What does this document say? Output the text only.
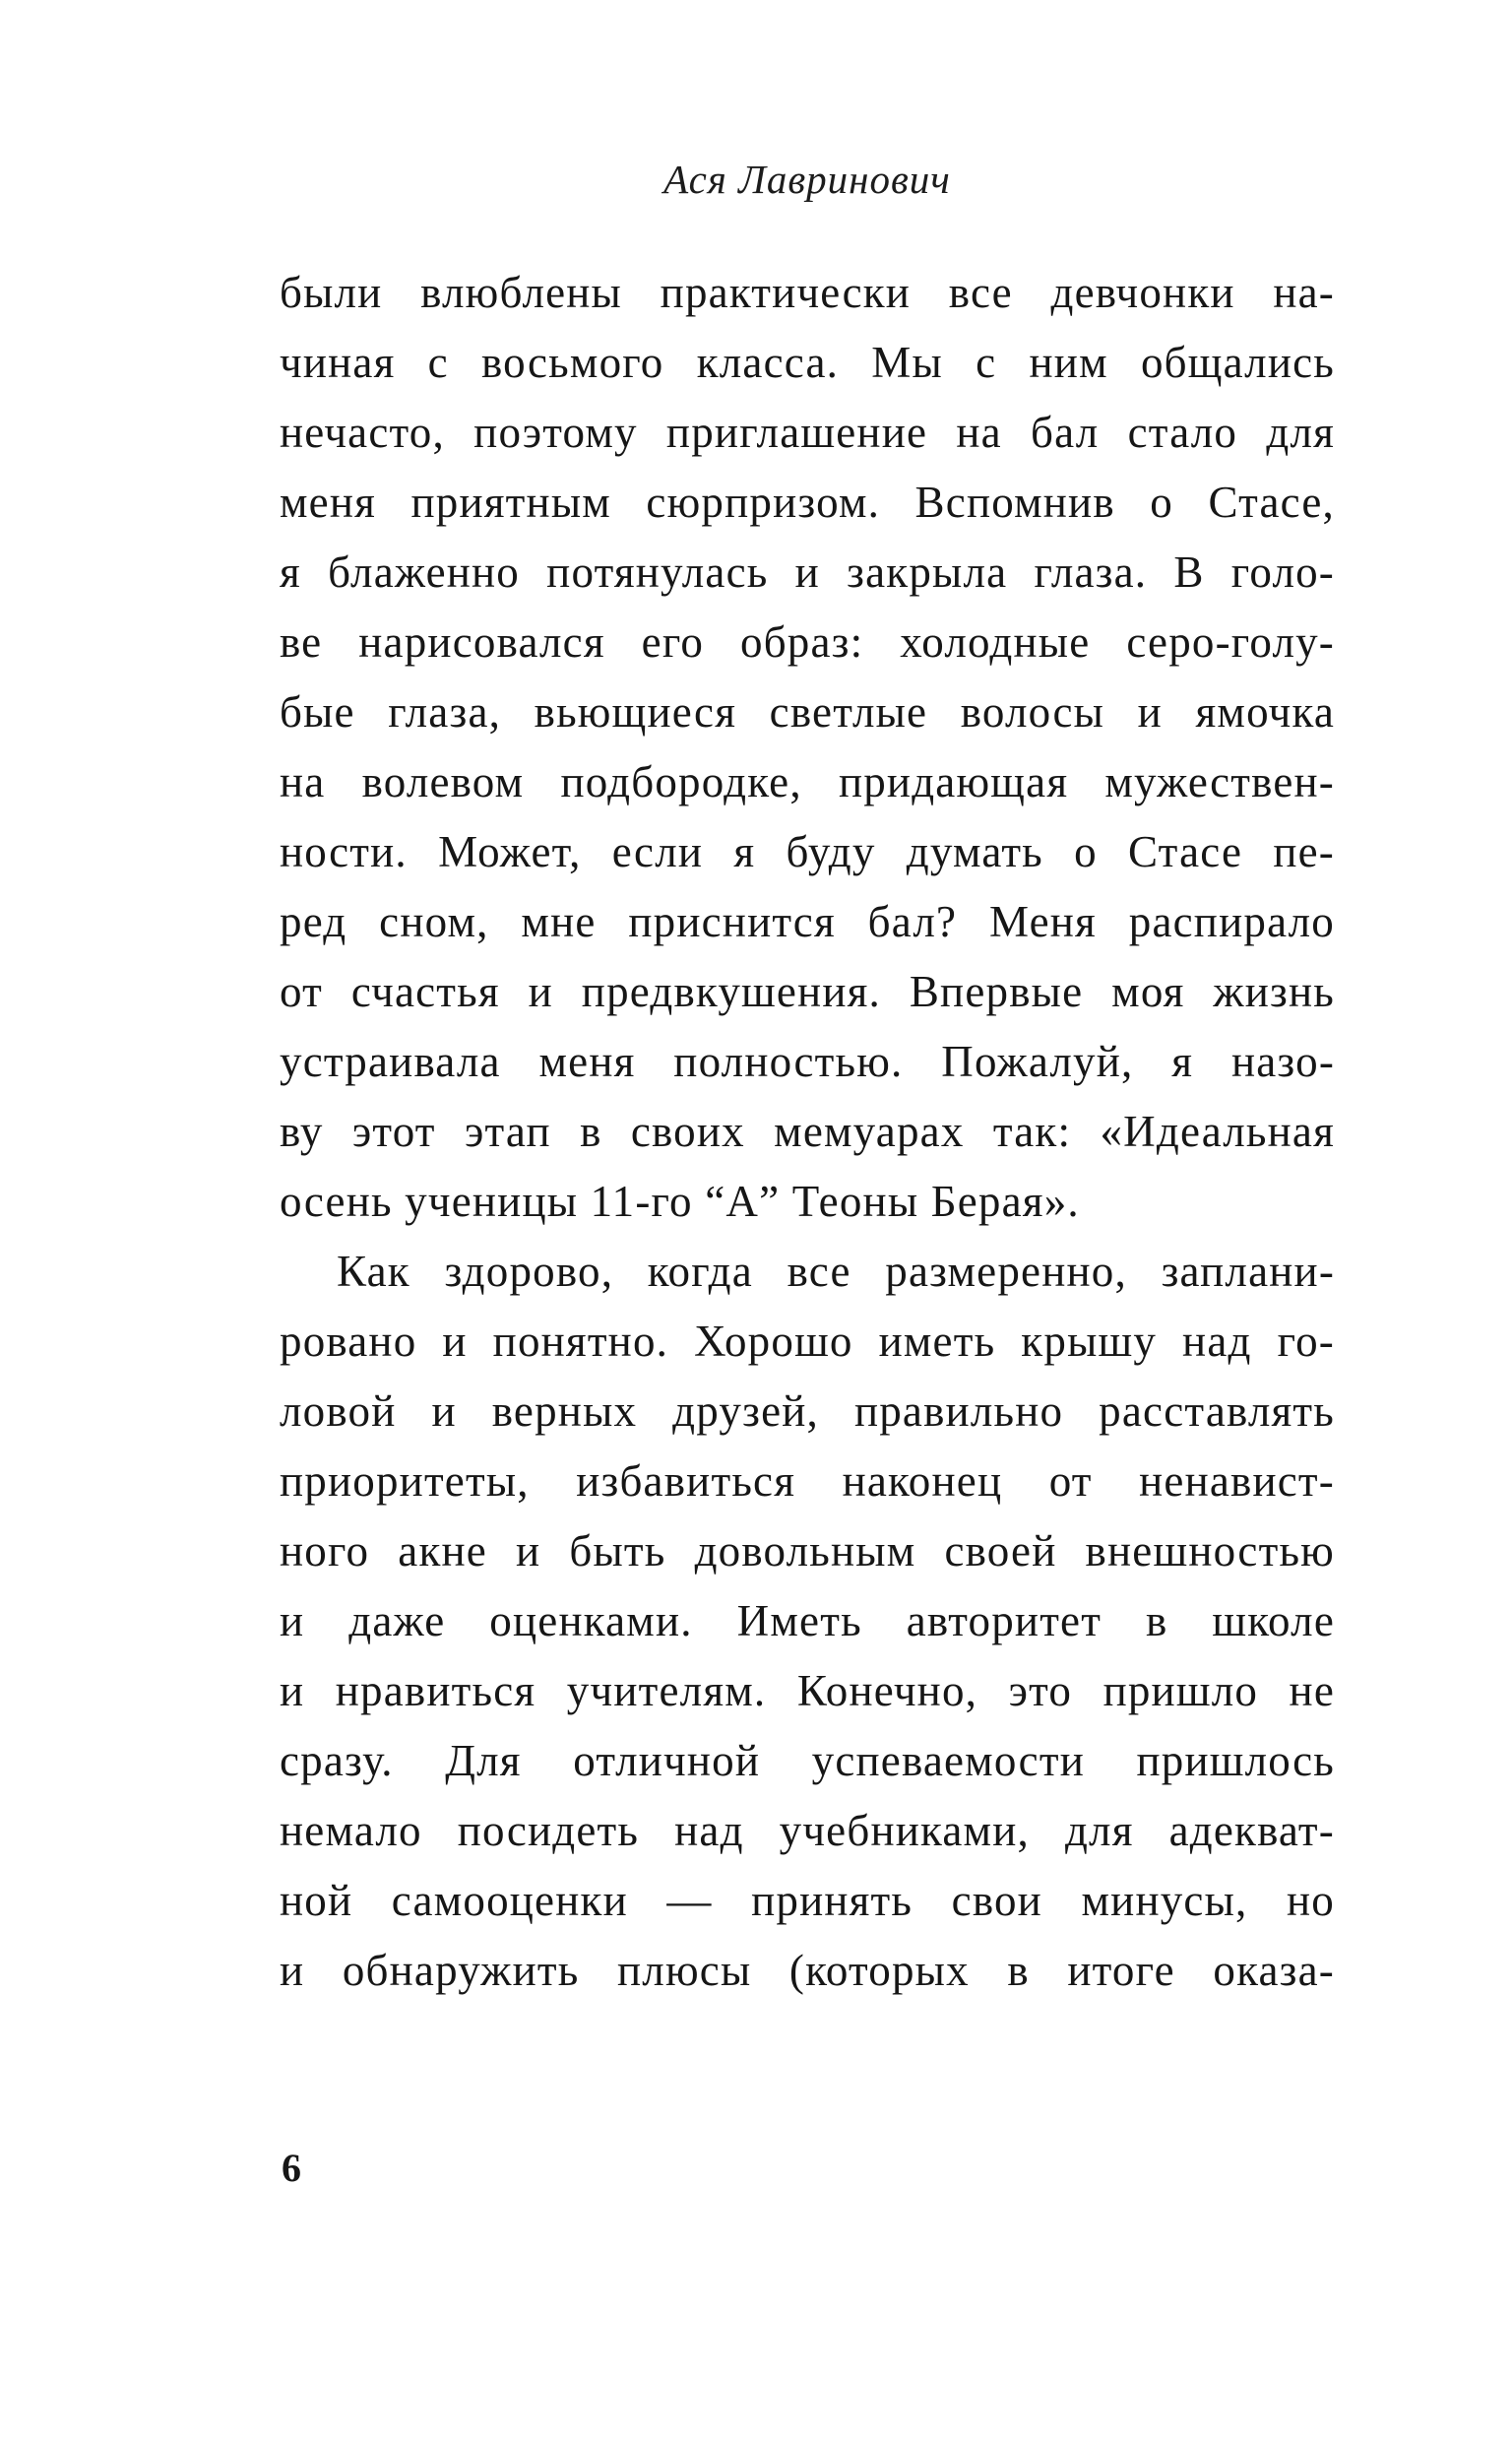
Ася Лавринович
были влюблены практически все девчонки на-
чиная с восьмого класса. Мы с ним общались
нечасто, поэтому приглашение на бал стало для
меня приятным сюрпризом. Вспомнив о Стасе,
я блаженно потянулась и закрыла глаза. В голо-
ве нарисовался его образ: холодные серо-голу-
бые глаза, вьющиеся светлые волосы и ямочка
на волевом подбородке, придающая мужествен-
ности. Может, если я буду думать о Стасе пе-
ред сном, мне приснится бал? Меня распирало
от счастья и предвкушения. Впервые моя жизнь
устраивала меня полностью. Пожалуй, я назо-
ву этот этап в своих мемуарах так: «Идеальная
осень ученицы 11-го “А” Теоны Берая».
Как здорово, когда все размеренно, заплани-
ровано и понятно. Хорошо иметь крышу над го-
ловой и верных друзей, правильно расставлять
приоритеты, избавиться наконец от ненавист-
ного акне и быть довольным своей внешностью
и даже оценками. Иметь авторитет в школе
и нравиться учителям. Конечно, это пришло не
сразу. Для отличной успеваемости пришлось
немало посидеть над учебниками, для адекват-
ной самооценки — принять свои минусы, но
и обнаружить плюсы (которых в итоге оказа-
6
